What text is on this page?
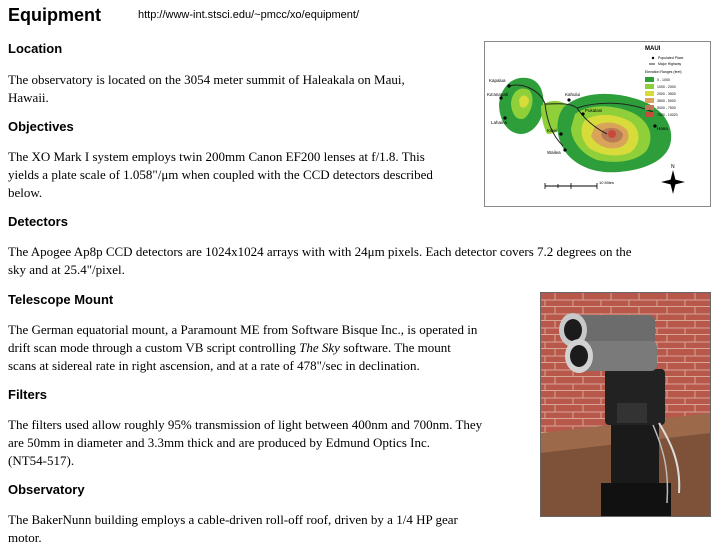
Equipment	http://www-int.stsci.edu/~pmcc/xo/equipment/
Location
The observatory is located on the 3054 meter summit of Haleakala on Maui,
Hawaii.
Objectives
The XO Mark I system employs twin 200mm Canon EF200 lenses at f/1.8. This
yields a plate scale of 1.058"/μm when coupled with the CCD detectors described
below.
Detectors
The Apogee Ap8p CCD detectors are 1024x1024 arrays with with 24μm pixels. Each detector covers 7.2 degrees on the
sky and at 25.4"/pixel.
Telescope Mount
The German equatorial mount, a Paramount ME from Software Bisque Inc., is operated in
drift scan mode through a custom VB script controlling The Sky software. The mount
scans at sidereal rate in right ascension, and at a rate of 478"/sec in declination.
Filters
The filters used allow roughly 95% transmission of light between 400nm and 700nm. They
are 50mm in diameter and 3.3mm thick and are produced by Edmund Optics Inc.
(NT54-517).
Observatory
The BakerNunn building employs a cable-driven roll-off roof, driven by a 1/4 HP gear
motor.
Kapalua
Ka'anapali
Lahaina
Kahului
Pukalani
Kihei
Wailea
Hana
MAUI
Populated Place
Major Highway
Elevation Ranges (feet)
0 - 1000
1000 - 2000
2000 - 3500
3500 - 5000
5000 - 7500
7500 - 10023
10 Miles
N
